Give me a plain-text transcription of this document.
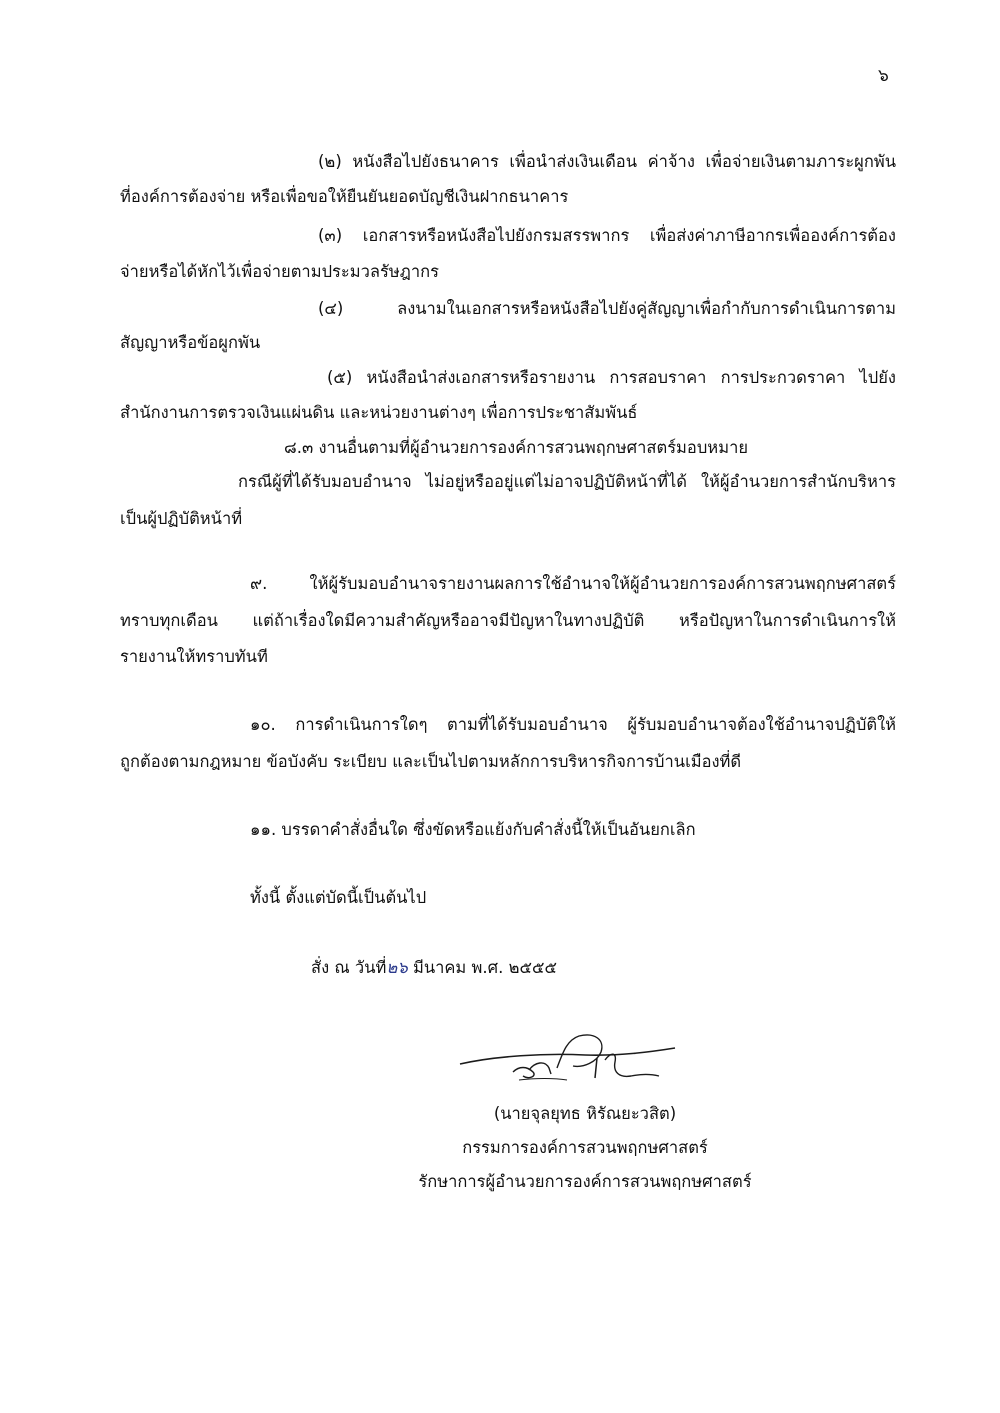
๖
(๒) หนังสือไปยังธนาคาร เพื่อนำส่งเงินเดือน ค่าจ้าง เพื่อจ่ายเงินตามภาระผูกพัน
ที่องค์การต้องจ่าย หรือเพื่อขอให้ยืนยันยอดบัญชีเงินฝากธนาคาร
(๓) เอกสารหรือหนังสือไปยังกรมสรรพากร เพื่อส่งค่าภาษีอากรเพื่อองค์การต้อง
จ่ายหรือได้หักไว้เพื่อจ่ายตามประมวลรัษฎากร
(๔) ลงนามในเอกสารหรือหนังสือไปยังคู่สัญญาเพื่อกำกับการดำเนินการตาม
สัญญาหรือข้อผูกพัน
(๕) หนังสือนำส่งเอกสารหรือรายงาน การสอบราคา การประกวดราคา ไปยัง
สำนักงานการตรวจเงินแผ่นดิน และหน่วยงานต่างๆ เพื่อการประชาสัมพันธ์
๘.๓ งานอื่นตามที่ผู้อำนวยการองค์การสวนพฤกษศาสตร์มอบหมาย
กรณีผู้ที่ได้รับมอบอำนาจ ไม่อยู่หรืออยู่แต่ไม่อาจปฏิบัติหน้าที่ได้ ให้ผู้อำนวยการสำนักบริหาร
เป็นผู้ปฏิบัติหน้าที่
๙. ให้ผู้รับมอบอำนาจรายงานผลการใช้อำนาจให้ผู้อำนวยการองค์การสวนพฤกษศาสตร์
ทราบทุกเดือน แต่ถ้าเรื่องใดมีความสำคัญหรืออาจมีปัญหาในทางปฏิบัติ หรือปัญหาในการดำเนินการให้
รายงานให้ทราบทันที
๑๐. การดำเนินการใดๆ ตามที่ได้รับมอบอำนาจ ผู้รับมอบอำนาจต้องใช้อำนาจปฏิบัติให้
ถูกต้องตามกฎหมาย ข้อบังคับ ระเบียบ และเป็นไปตามหลักการบริหารกิจการบ้านเมืองที่ดี
๑๑. บรรดาคำสั่งอื่นใด ซึ่งขัดหรือแย้งกับคำสั่งนี้ให้เป็นอันยกเลิก
ทั้งนี้ ตั้งแต่บัดนี้เป็นต้นไป
สั่ง ณ วันที่๒๖ มีนาคม พ.ศ. ๒๕๕๕
(นายจุลยุทธ หิรัณยะวสิต)
กรรมการองค์การสวนพฤกษศาสตร์
รักษาการผู้อำนวยการองค์การสวนพฤกษศาสตร์
